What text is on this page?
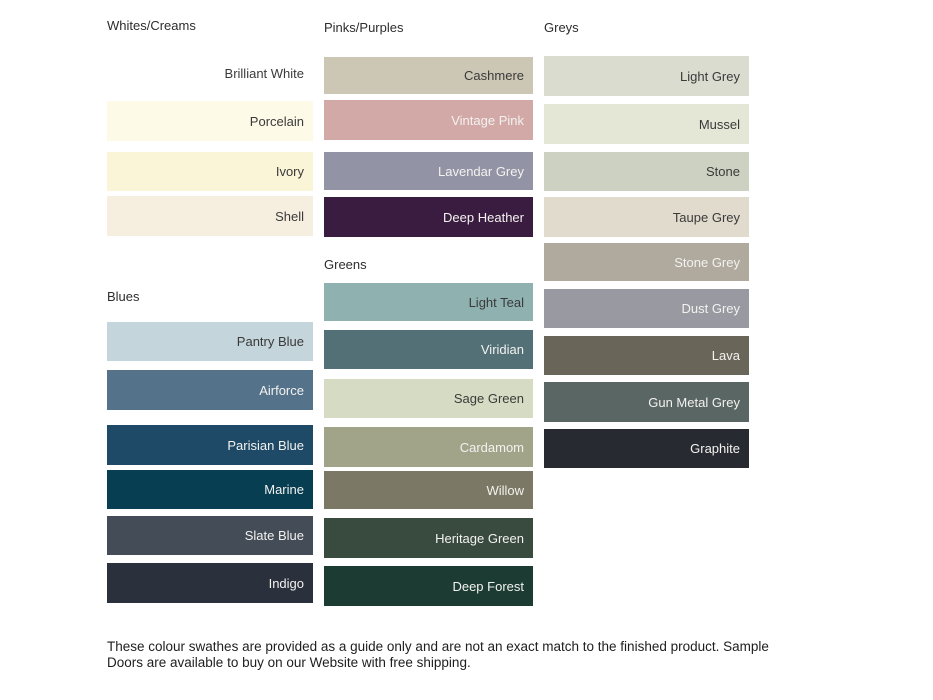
Whites/Creams
Brilliant White
Porcelain
Ivory
Shell
Blues
Pantry Blue
Airforce
Parisian Blue
Marine
Slate Blue
Indigo
Pinks/Purples
Cashmere
Vintage Pink
Lavendar Grey
Deep Heather
Greens
Light Teal
Viridian
Sage Green
Cardamom
Willow
Heritage Green
Deep Forest
Greys
Light Grey
Mussel
Stone
Taupe Grey
Stone Grey
Dust Grey
Lava
Gun Metal Grey
Graphite
These colour swathes are provided as a guide only and are not an exact match to the finished product. Sample
Doors are available to buy on our Website with free shipping.
